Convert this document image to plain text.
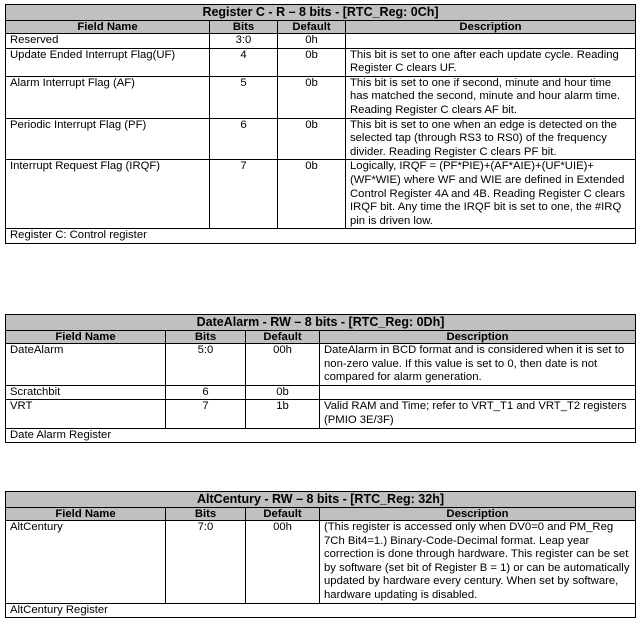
Register C - R – 8 bits - [RTC_Reg: 0Ch]			
Field Name	Bits	Default	Description
Reserved	3:0	0h	
Update Ended Interrupt Flag(UF)	4	0b	This bit is set to one after each update cycle. Reading Register C clears UF.
Alarm Interrupt Flag (AF)	5	0b	This bit is set to one if second, minute and hour time has matched the second, minute and hour alarm time. Reading Register C clears AF bit.
Periodic Interrupt Flag (PF)	6	0b	This bit is set to one when an edge is detected on the selected tap (through RS3 to RS0) of the frequency divider. Reading Register C clears PF bit.
Interrupt Request Flag (IRQF)	7	0b	Logically, IRQF = (PF*PIE)+(AF*AIE)+(UF*UIE)+(WF*WIE) where WF and WIE are defined in Extended Control Register 4A and 4B. Reading Register C clears IRQF bit. Any time the IRQF bit is set to one, the #IRQ pin is driven low.
Register C: Control register			
DateAlarm - RW – 8 bits - [RTC_Reg: 0Dh]			
Field Name	Bits	Default	Description
DateAlarm	5:0	00h	DateAlarm in BCD format and is considered when it is set to non-zero value. If this value is set to 0, then date is not compared for alarm generation.
Scratchbit	6	0b	
VRT	7	1b	Valid RAM and Time; refer to VRT_T1 and VRT_T2 registers (PMIO 3E/3F)
Date Alarm Register			
AltCentury - RW – 8 bits - [RTC_Reg: 32h]			
Field Name	Bits	Default	Description
AltCentury	7:0	00h	(This register is accessed only when DV0=0 and PM_Reg 7Ch Bit4=1.) Binary-Code-Decimal format. Leap year correction is done through hardware. This register can be set by software (set bit of Register B = 1) or can be automatically updated by hardware every century. When set by software, hardware updating is disabled.
AltCentury Register			
